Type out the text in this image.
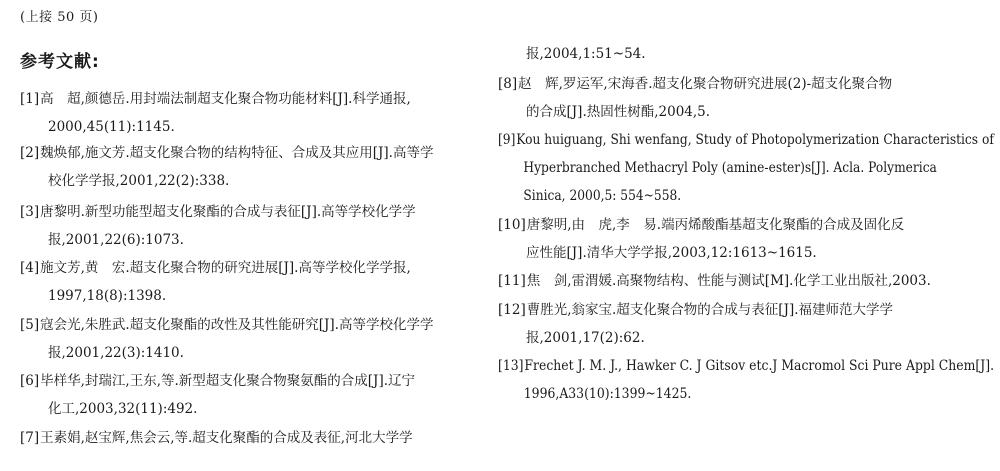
(上接 50 页)
参考文献:
[1]高　超,颜德岳.用封端法制超支化聚合物功能材料[J].科学通报,
2000,45(11):1145.
[2]魏焕郁,施文芳.超支化聚合物的结构特征、合成及其应用[J].高等学
校化学学报,2001,22(2):338.
[3]唐黎明.新型功能型超支化聚酯的合成与表征[J].高等学校化学学
报,2001,22(6):1073.
[4]施文芳,黄　宏.超支化聚合物的研究进展[J].高等学校化学学报,
1997,18(8):1398.
[5]寇会光,朱胜武.超支化聚酯的改性及其性能研究[J].高等学校化学学
报,2001,22(3):1410.
[6]毕样华,封瑞江,王东,等.新型超支化聚合物聚氨酯的合成[J].辽宁
化工,2003,32(11):492.
[7]王素娟,赵宝辉,焦会云,等.超支化聚酯的合成及表征,河北大学学
报,2004,1:51~54.
[8]赵　辉,罗运军,宋海香.超支化聚合物研究进展(2)-超支化聚合物
的合成[J].热固性树酯,2004,5.
[9]Kou huiguang, Shi wenfang, Study of Photopolymerization Characteristics of
Hyperbranched Methacryl Poly (amine-ester)s[J]. Acla. Polymerica
Sinica, 2000,5: 554~558.
[10]唐黎明,由　虎,李　易.端丙烯酸酯基超支化聚酯的合成及固化反
应性能[J].清华大学学报,2003,12:1613~1615.
[11]焦　剑,雷渭媛.高聚物结构、性能与测试[M].化学工业出版社,2003.
[12]曹胜光,翁家宝.超支化聚合物的合成与表征[J].福建师范大学学
报,2001,17(2):62.
[13]Frechet J. M. J., Hawker C. J Gitsov etc.J Macromol Sci Pure Appl Chem[J].
1996,A33(10):1399~1425.
